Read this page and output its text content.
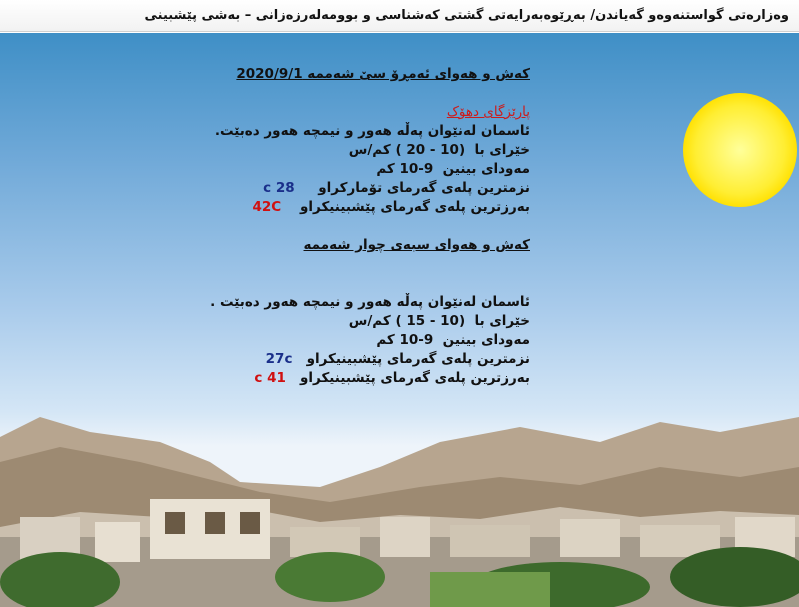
وەزارەتی گواستنەوەو گەیاندن/ بەڕێوەبەرایەتی گشتی کەشناسی و بوومەلەرزەزانی – بەشی پێشبینی
کەش و هەوای ئەمڕۆ سێ شەممە 2020/9/1
پارێزگای دهۆک
ئاسمان لەنێوان پەڵە هەور و نیمچە هەور دەبێت.
خێرای با  (10 - 20 ) کم/س
مەودای بینین  9-10 کم
نزمترین پلەی گەرمای تۆمارکراو     28 c
بەرزترین پلەی گەرمای پێشبینیکراو    42C
کەش و هەوای سبەی چوار شەممە
ئاسمان لەنێوان پەڵە هەور و نیمچە هەور دەبێت .
خێرای با  (10 - 15 ) کم/س
مەودای بینین  9-10 کم
نزمترین پلەی گەرمای پێشبینیکراو   27c
بەرزترین پلەی گەرمای پێشبینیکراو   41 c
